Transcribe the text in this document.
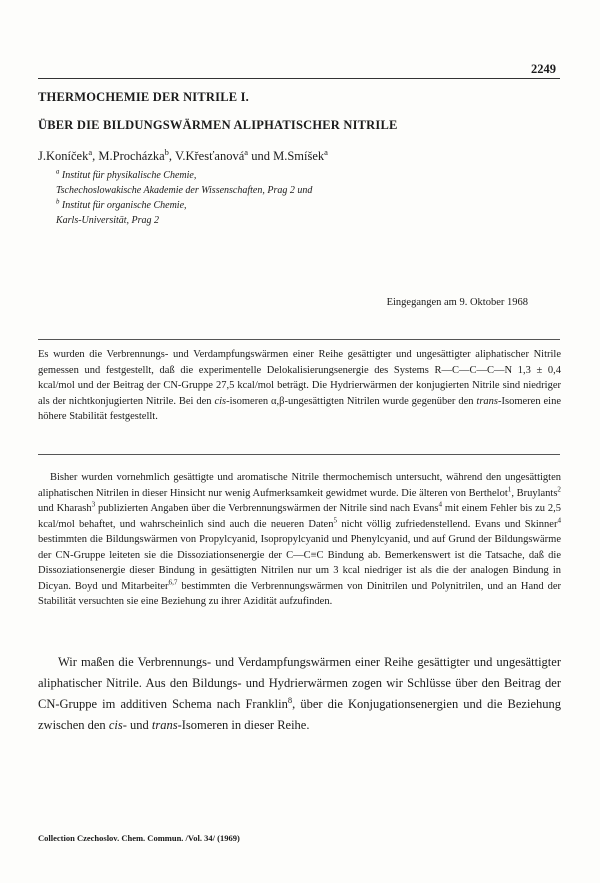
2249
THERMOCHEMIE DER NITRILE I.
ÜBER DIE BILDUNGSWÄRMEN ALIPHATISCHER NITRILE
J.Koníček$^a$, M.Procházka$^b$, V.Křesťanová$^a$ und M.Smíšek$^a$
$^a$ Institut für physikalische Chemie,
Tschechoslowakische Akademie der Wissenschaften, Prag 2 und
$^b$ Institut für organische Chemie,
Karls-Universität, Prag 2
Eingegangen am 9. Oktober 1968
Es wurden die Verbrennungs- und Verdampfungswärmen einer Reihe gesättigter und ungesättigter aliphatischer Nitrile gemessen und festgestellt, daß die experimentelle Delokalisierungsenergie des Systems R—C—C—C—N 1,3 ± 0,4 kcal/mol und der Beitrag der CN-Gruppe 27,5 kcal/mol beträgt. Die Hydrierwärmen der konjugierten Nitrile sind niedriger als der nichtkonjugierten Nitrile. Bei den cis-isomeren α,β-ungesättigten Nitrilen wurde gegenüber den trans-Isomeren eine höhere Stabilität festgestellt.
Bisher wurden vornehmlich gesättigte und aromatische Nitrile thermochemisch untersucht, während den ungesättigten aliphatischen Nitrilen in dieser Hinsicht nur wenig Aufmerksamkeit gewidmet wurde. Die älteren von Berthelot$^1$, Bruylants$^2$ und Kharash$^3$ publizierten Angaben über die Verbrennungswärmen der Nitrile sind nach Evans$^4$ mit einem Fehler bis zu 2,5 kcal/mol behaftet, und wahrscheinlich sind auch die neueren Daten$^5$ nicht völlig zufriedenstellend. Evans und Skinner$^4$ bestimmten die Bildungswärmen von Propylcyanid, Isopropylcyanid und Phenylcyanid, und auf Grund der Bildungswärme der CN-Gruppe leiteten sie die Dissoziationsenergie der C—C≡C Bindung ab. Bemerkenswert ist die Tatsache, daß die Dissoziationsenergie dieser Bindung in gesättigten Nitrilen nur um 3 kcal niedriger ist als die der analogen Bindung in Dicyan. Boyd und Mitarbeiter$^{6,7}$ bestimmten die Verbrennungswärmen von Dinitrilen und Polynitrilen, und an Hand der Stabilität versuchten sie eine Beziehung zu ihrer Azidität aufzufinden.
Wir maßen die Verbrennungs- und Verdampfungswärmen einer Reihe gesättigter und ungesättigter aliphatischer Nitrile. Aus den Bildungs- und Hydrierwärmen zogen wir Schlüsse über den Beitrag der CN-Gruppe im additiven Schema nach Franklin$^8$, über die Konjugationsenergien und die Beziehung zwischen den cis- und trans-Isomeren in dieser Reihe.
Collection Czechoslov. Chem. Commun. /Vol. 34/ (1969)
